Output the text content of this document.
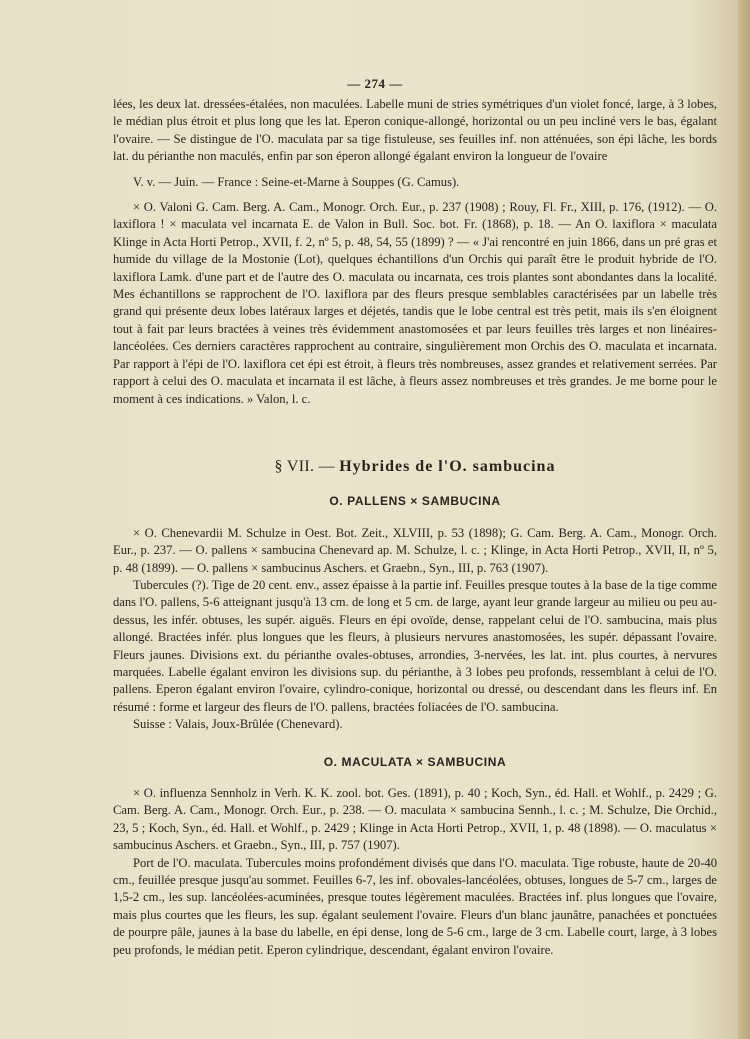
— 274 —

lées, les deux lat. dressées-étalées, non maculées. Labelle muni de stries symétriques d'un violet foncé, large, à 3 lobes, le médian plus étroit et plus long que les lat. Eperon conique-allongé, horizontal ou un peu incliné vers le bas, égalant l'ovaire. — Se distingue de l'O. maculata par sa tige fistuleuse, ses feuilles inf. non atténuées, son épi lâche, les bords lat. du périanthe non maculés, enfin par son éperon allongé égalant environ la longueur de l'ovaire

V. v. — Juin. — France : Seine-et-Marne à Souppes (G. Camus).

× O. Valoni G. Cam. Berg. A. Cam., Monogr. Orch. Eur., p. 237 (1908) ; Rouy, Fl. Fr., XIII, p. 176, (1912). — O. laxiflora ! × maculata vel incarnata E. de Valon in Bull. Soc. bot. Fr. (1868), p. 18. — An O. laxiflora × maculata Klinge in Acta Horti Petrop., XVII, f. 2, nº 5, p. 48, 54, 55 (1899) ? — « J'ai rencontré en juin 1866, dans un pré gras et humide du village de la Mostonie (Lot), quelques échantillons d'un Orchis qui paraît être le produit hybride de l'O. laxiflora Lamk. d'une part et de l'autre des O. maculata ou incarnata, ces trois plantes sont abondantes dans la localité. Mes échantillons se rapprochent de l'O. laxiflora par des fleurs presque semblables caractérisées par un labelle très grand qui présente deux lobes latéraux larges et déjetés, tandis que le lobe central est très petit, mais ils s'en éloignent tout à fait par leurs bractées à veines très évidemment anastomosées et par leurs feuilles très larges et non linéaires-lancéolées. Ces derniers caractères rapprochent au contraire, singulièrement mon Orchis des O. maculata et incarnata. Par rapport à l'épi de l'O. laxiflora cet épi est étroit, à fleurs très nombreuses, assez grandes et relativement serrées. Par rapport à celui des O. maculata et incarnata il est lâche, à fleurs assez nombreuses et très grandes. Je me borne pour le moment à ces indications. » Valon, l. c.

§ VII. — Hybrides de l'O. sambucina
O. PALLENS × SAMBUCINA

× O. Chenevardii M. Schulze in Oest. Bot. Zeit., XLVIII, p. 53 (1898); G. Cam. Berg. A. Cam., Monogr. Orch. Eur., p. 237. — O. pallens × sambucina Chenevard ap. M. Schulze, l. c. ; Klinge, in Acta Horti Petrop., XVII, II, nº 5, p. 48 (1899). — O. pallens × sambucinus Aschers. et Graebn., Syn., III, p. 763 (1907).

Tubercules (?). Tige de 20 cent. env., assez épaisse à la partie inf. Feuilles presque toutes à la base de la tige comme dans l'O. pallens, 5-6 atteignant jusqu'à 13 cm. de long et 5 cm. de large, ayant leur grande largeur au milieu ou peu au-dessus, les infér. obtuses, les supér. aiguës. Fleurs en épi ovoïde, dense, rappelant celui de l'O. sambucina, mais plus allongé. Bractées infér. plus longues que les fleurs, à plusieurs nervures anastomosées, les supér. dépassant l'ovaire. Fleurs jaunes. Divisions ext. du périanthe ovales-obtuses, arrondies, 3-nervées, les lat. int. plus courtes, à nervures marquées. Labelle égalant environ les divisions sup. du périanthe, à 3 lobes peu profonds, ressemblant à celui de l'O. pallens. Eperon égalant environ l'ovaire, cylindro-conique, horizontal ou dressé, ou descendant dans les fleurs inf. En résumé : forme et largeur des fleurs de l'O. pallens, bractées foliacées de l'O. sambucina.

Suisse : Valais, Joux-Brûlée (Chenevard).

O. MACULATA × SAMBUCINA

× O. influenza Sennholz in Verh. K. K. zool. bot. Ges. (1891), p. 40 ; Koch, Syn., éd. Hall. et Wohlf., p. 2429 ; G. Cam. Berg. A. Cam., Monogr. Orch. Eur., p. 238. — O. maculata × sambucina Sennh., l. c. ; M. Schulze, Die Orchid., 23, 5 ; Koch, Syn., éd. Hall. et Wohlf., p. 2429 ; Klinge in Acta Horti Petrop., XVII, 1, p. 48 (1898). — O. maculatus × sambucinus Aschers. et Graebn., Syn., III, p. 757 (1907).

Port de l'O. maculata. Tubercules moins profondément divisés que dans l'O. maculata. Tige robuste, haute de 20-40 cm., feuillée presque jusqu'au sommet. Feuilles 6-7, les inf. obovales-lancéolées, obtuses, longues de 5-7 cm., larges de 1,5-2 cm., les sup. lancéolées-acuminées, presque toutes légèrement maculées. Bractées inf. plus longues que l'ovaire, mais plus courtes que les fleurs, les sup. égalant seulement l'ovaire. Fleurs d'un blanc jaunâtre, panachées et ponctuées de pourpre pâle, jaunes à la base du labelle, en épi dense, long de 5-6 cm., large de 3 cm. Labelle court, large, à 3 lobes peu profonds, le médian petit. Eperon cylindrique, descendant, égalant environ l'ovaire.
